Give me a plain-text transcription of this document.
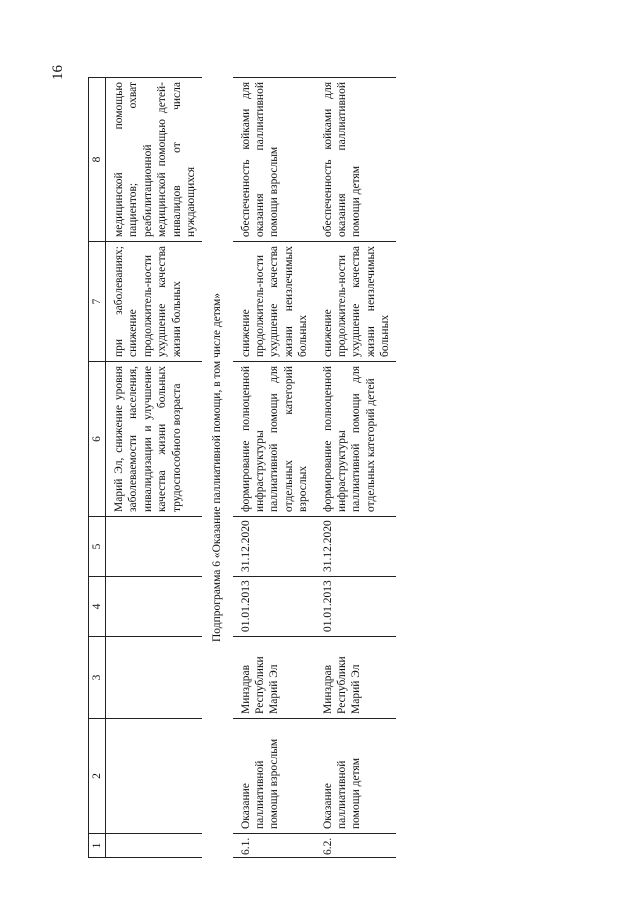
16
1	2	3	4	5	6	7	8
					Марий Эл, снижение уровня заболеваемости населения, инвалидизации и улучшение качества жизни больных трудоспособного возраста	при заболеваниях; снижение продолжитель-ности ухудшение качества жизни больных	медицинской помощью пациентов; охват реабилитационной медицинской помощью детей-инвалидов от числа нуждающихся
Подпрограмма 6 «Оказание паллиативной помощи, в том числе детям»							
6.1.	Оказание паллиативной помощи взрослым	Минздрав Республики Марий Эл	01.01.2013	31.12.2020	формирование полноценной инфраструктуры паллиативной помощи для отдельных категорий взрослых	снижение продолжитель-ности ухудшение качества жизни неизлечимых больных	обеспеченность койками для оказания паллиативной помощи взрослым
6.2.	Оказание паллиативной помощи детям	Минздрав Республики Марий Эл	01.01.2013	31.12.2020	формирование полноценной инфраструктуры паллиативной помощи для отдельных категорий детей	снижение продолжитель-ности ухудшение качества жизни неизлечимых больных	обеспеченность койками для оказания паллиативной помощи детям
